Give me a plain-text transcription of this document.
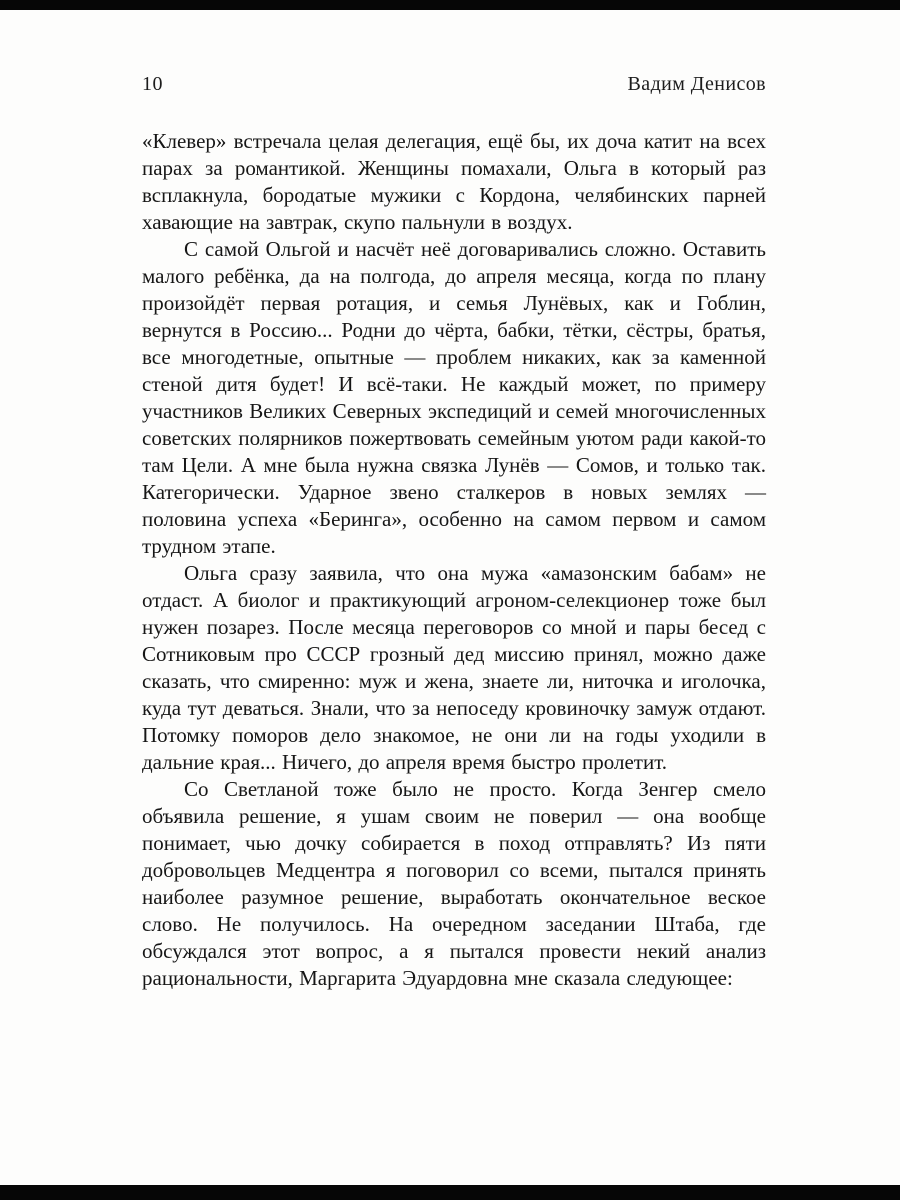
10	Вадим Денисов

«Клевер» встречала целая делегация, ещё бы, их доча катит на всех парах за романтикой. Женщины помахали, Ольга в который раз всплакнула, бородатые мужики с Кордона, челябинских парней хавающие на завтрак, скупо пальнули в воздух.

С самой Ольгой и насчёт неё договаривались сложно. Оставить малого ребёнка, да на полгода, до апреля месяца, когда по плану произойдёт первая ротация, и семья Лунёвых, как и Гоблин, вернутся в Россию... Родни до чёрта, бабки, тётки, сёстры, братья, все многодетные, опытные — проблем никаких, как за каменной стеной дитя будет! И всё-таки. Не каждый может, по примеру участников Великих Северных экспедиций и семей многочисленных советских полярников пожертвовать семейным уютом ради какой-то там Цели. А мне была нужна связка Лунёв — Сомов, и только так. Категорически. Ударное звено сталкеров в новых землях — половина успеха «Беринга», особенно на самом первом и самом трудном этапе.

Ольга сразу заявила, что она мужа «амазонским бабам» не отдаст. А биолог и практикующий агроном-селекционер тоже был нужен позарез. После месяца переговоров со мной и пары бесед с Сотниковым про СССР грозный дед миссию принял, можно даже сказать, что смиренно: муж и жена, знаете ли, ниточка и иголочка, куда тут деваться. Знали, что за непоседу кровиночку замуж отдают. Потомку поморов дело знакомое, не они ли на годы уходили в дальние края... Ничего, до апреля время быстро пролетит.

Со Светланой тоже было не просто. Когда Зенгер смело объявила решение, я ушам своим не поверил — она вообще понимает, чью дочку собирается в поход отправлять? Из пяти добровольцев Медцентра я поговорил со всеми, пытался принять наиболее разумное решение, выработать окончательное веское слово. Не получилось. На очередном заседании Штаба, где обсуждался этот вопрос, а я пытался провести некий анализ рациональности, Маргарита Эдуардовна мне сказала следующее:
